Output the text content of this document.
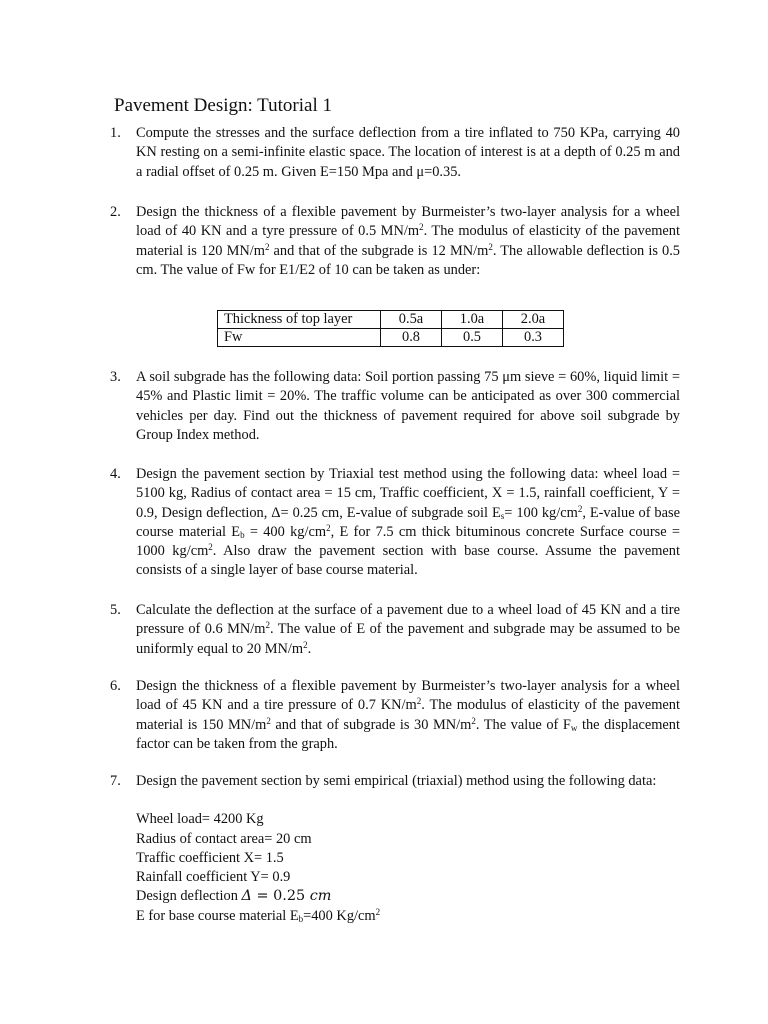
Pavement Design: Tutorial 1
1.	Compute the stresses and the surface deflection from a tire inflated to 750 KPa, carrying 40 KN resting on a semi-infinite elastic space. The location of interest is at a depth of 0.25 m and a radial offset of 0.25 m. Given E=150 Mpa and μ=0.35.
2.	Design the thickness of a flexible pavement by Burmeister’s two-layer analysis for a wheel load of 40 KN and a tyre pressure of 0.5 $MN/m^2$. The modulus of elasticity of the pavement material is 120 $MN/m^2$ and that of the subgrade is 12 $MN/m^2$. The allowable deflection is 0.5 cm. The value of Fw for E1/E2 of 10 can be taken as under:
Thickness of top layer	0.5a	1.0a	2.0a
Fw	0.8	0.5	0.3
3.	A soil subgrade has the following data: Soil portion passing 75 μm sieve = 60%, liquid limit = 45% and Plastic limit = 20%. The traffic volume can be anticipated as over 300 commercial vehicles per day. Find out the thickness of pavement required for above soil subgrade by Group Index method.
4.	Design the pavement section by Triaxial test method using the following data: wheel load = 5100 kg, Radius of contact area = 15 cm, Traffic coefficient, X = 1.5, rainfall coefficient, Y = 0.9, Design deflection, Δ= 0.25 cm, E-value of subgrade soil $E_s= 100$ $kg/cm^2$, E-value of base course material $E_b = 400$ $kg/cm^2$, E for 7.5 cm thick bituminous concrete Surface course = 1000 $kg/cm^2$. Also draw the pavement section with base course. Assume the pavement consists of a single layer of base course material.
5.	Calculate the deflection at the surface of a pavement due to a wheel load of 45 KN and a tire pressure of 0.6 $MN/m^2$. The value of E of the pavement and subgrade may be assumed to be uniformly equal to 20 $MN/m^2$.
6.	Design the thickness of a flexible pavement by Burmeister’s two-layer analysis for a wheel load of 45 KN and a tire pressure of 0.7 $KN/m^2$. The modulus of elasticity of the pavement material is 150 $MN/m^2$ and that of subgrade is 30 $MN/m^2$. The value of $F_w$ the displacement factor can be taken from the graph.
7.	Design the pavement section by semi empirical (triaxial) method using the following data:
Wheel load= 4200 Kg
Radius of contact area= 20 cm
Traffic coefficient X= 1.5
Rainfall coefficient Y= 0.9
Design deflection Δ = 0.25 cm
E for base course material $E_b=400$ $Kg/cm^2$
